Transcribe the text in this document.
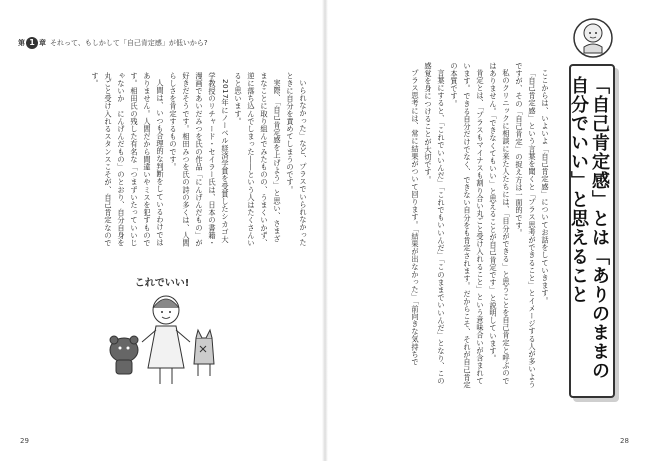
第 1 章 それって、もしかして「自己肯定感」が低いから?

ここからは、いよいよ「自己肯定感」についてお話をしていきます。

「自己肯定感」という言葉を聞くと「プラス思考ができること」とイメージする人が多いようですが、その「自己肯定」の捉え方は一面的です。

私のクリニックに相談に来た人たちには、「目分ができる」と思うことを自己肯定と呼ぶのではありません。「できなくてもいい」と思えることが自己肯定です」と説明しています。

肯定とは、「プラスもマイナスも割り合い丸ごと受け入れること」という意味合いが含まれています。できる自分だけでなく、できない自分をも肯定されます。だからこそ、それが自己肯定の本質です。

言葉にすると、「これでいいんだ」「これでもいいんだ」「このままでいいんだ」となり、この感覚を身につけることが大切です。

プラス思考には、常に結果がついて回ります。「結果が出なかった」「前向きな気持ちで	「自己肯定感」とは「ありのままの自分でいい」と思えること

いられなかった」など、プラスでいられなかったときに自分を責めてしまうのです。

実際、「自己肯定感を上げよう」と思い、さまざまなことに取り組んでみたものの、うまくいかず、逆に落ち込んでしまった――という人はたくさんいると思います。

2017年にノーベル経済学賞を受賞したシカゴ大学教授のリチャード・セイラー氏は、日本の書籍・漫画であいだみつを氏の作品「にんげんだもの」が好きだそうです。相田みつを氏の詩の多くは、人間らしさを肯定するものです。

人間は、いつも合理的な判断をしているわけではありません。人間だから間違いやミスを犯すものです。相田氏の残した有名な「つまずいたっていいじゃないか　にんげんだもの」のとおり、自分自身を丸ごと受け入れるスタンスこそが、自己肯定なのです。

これでいい!
29	28
